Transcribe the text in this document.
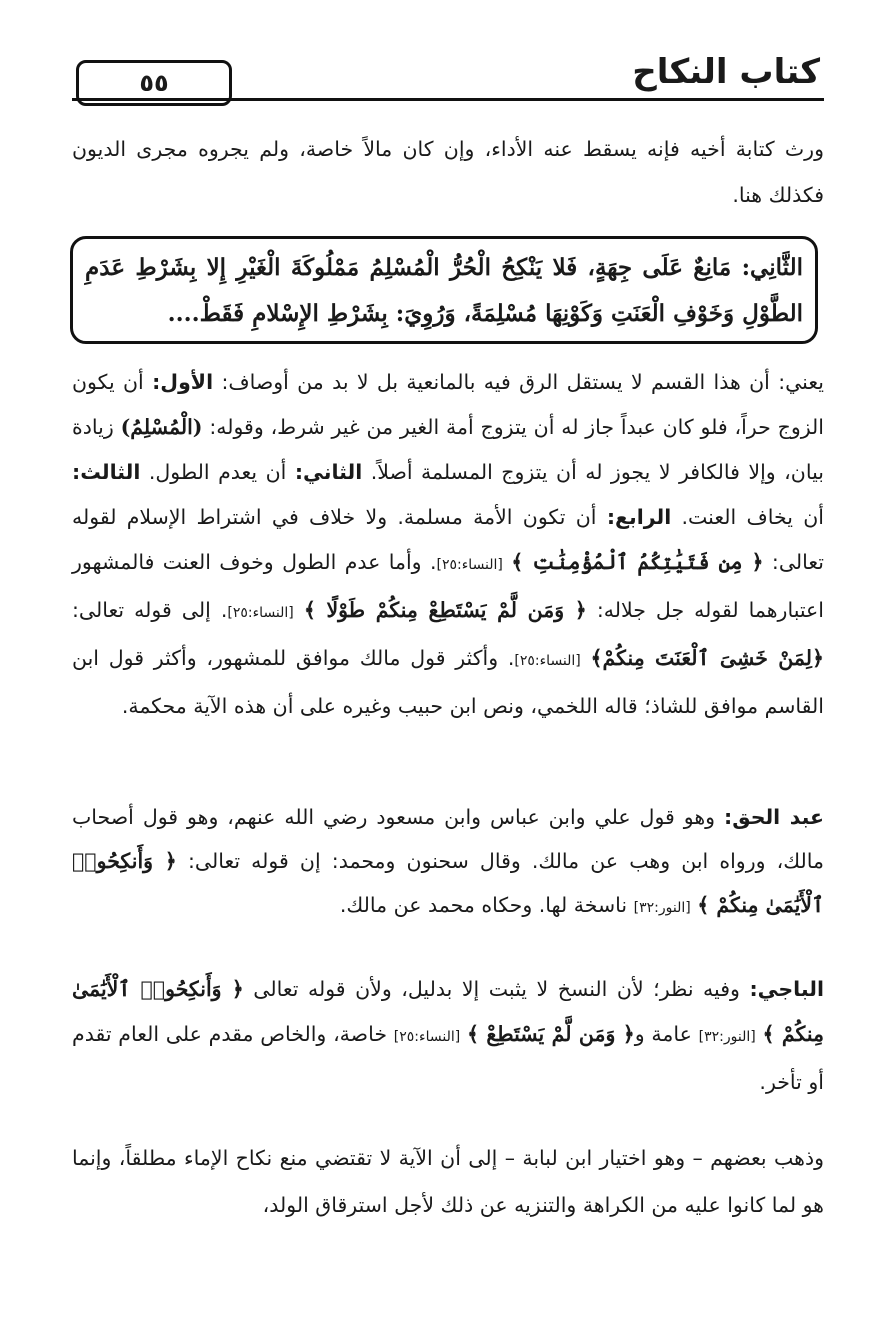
كتاب النكاح
٥٥
ورث كتابة أخيه فإنه يسقط عنه الأداء، وإن كان مالاً خاصة، ولم يجروه مجرى الديون فكذلك هنا.
الثَّانِي: مَانِعٌ عَلَى جِهَةٍ، فَلا يَنْكِحُ الْحُرُّ الْمُسْلِمُ مَمْلُوكَةَ الْغَيْرِ إِلا بِشَرْطِ عَدَمِ الطَّوْلِ وَخَوْفِ الْعَنَتِ وَكَوْنِهَا مُسْلِمَةً، وَرُوِيَ: بِشَرْطِ الإِسْلامِ فَقَطْ....
يعني: أن هذا القسم لا يستقل الرق فيه بالمانعية بل لا بد من أوصاف: الأول: أن يكون الزوج حراً، فلو كان عبداً جاز له أن يتزوج أمة الغير من غير شرط، وقوله: (الْمُسْلِمُ) زيادة بيان، وإلا فالكافر لا يجوز له أن يتزوج المسلمة أصلاً. الثاني: أن يعدم الطول. الثالث: أن يخاف العنت. الرابع: أن تكون الأمة مسلمة. ولا خلاف في اشتراط الإسلام لقوله تعالى: ﴿ مِن فَتَيَٰتِكُمُ ٱلْمُؤْمِنَٰتِ ﴾ [النساء:٢٥]. وأما عدم الطول وخوف العنت فالمشهور اعتبارهما لقوله جل جلاله: ﴿ وَمَن لَّمْ يَسْتَطِعْ مِنكُمْ طَوْلًا ﴾ [النساء:٢٥]. إلى قوله تعالى: ﴿لِمَنْ خَشِىَ ٱلْعَنَتَ مِنكُمْ﴾ [النساء:٢٥]. وأكثر قول مالك موافق للمشهور، وأكثر قول ابن القاسم موافق للشاذ؛ قاله اللخمي، ونص ابن حبيب وغيره على أن هذه الآية محكمة.
عبد الحق: وهو قول علي وابن عباس وابن مسعود رضي الله عنهم، وهو قول أصحاب مالك، ورواه ابن وهب عن مالك. وقال سحنون ومحمد: إن قوله تعالى: ﴿ وَأَنكِحُوا۟ ٱلْأَيَٰمَىٰ مِنكُمْ ﴾ [النور:٣٢] ناسخة لها. وحكاه محمد عن مالك.
الباجي: وفيه نظر؛ لأن النسخ لا يثبت إلا بدليل، ولأن قوله تعالى ﴿ وَأَنكِحُوا۟ ٱلْأَيَٰمَىٰ مِنكُمْ ﴾ [النور:٣٢] عامة و﴿ وَمَن لَّمْ يَسْتَطِعْ ﴾ [النساء:٢٥] خاصة، والخاص مقدم على العام تقدم أو تأخر.
وذهب بعضهم – وهو اختيار ابن لبابة – إلى أن الآية لا تقتضي منع نكاح الإماء مطلقاً، وإنما هو لما كانوا عليه من الكراهة والتنزيه عن ذلك لأجل استرقاق الولد،
